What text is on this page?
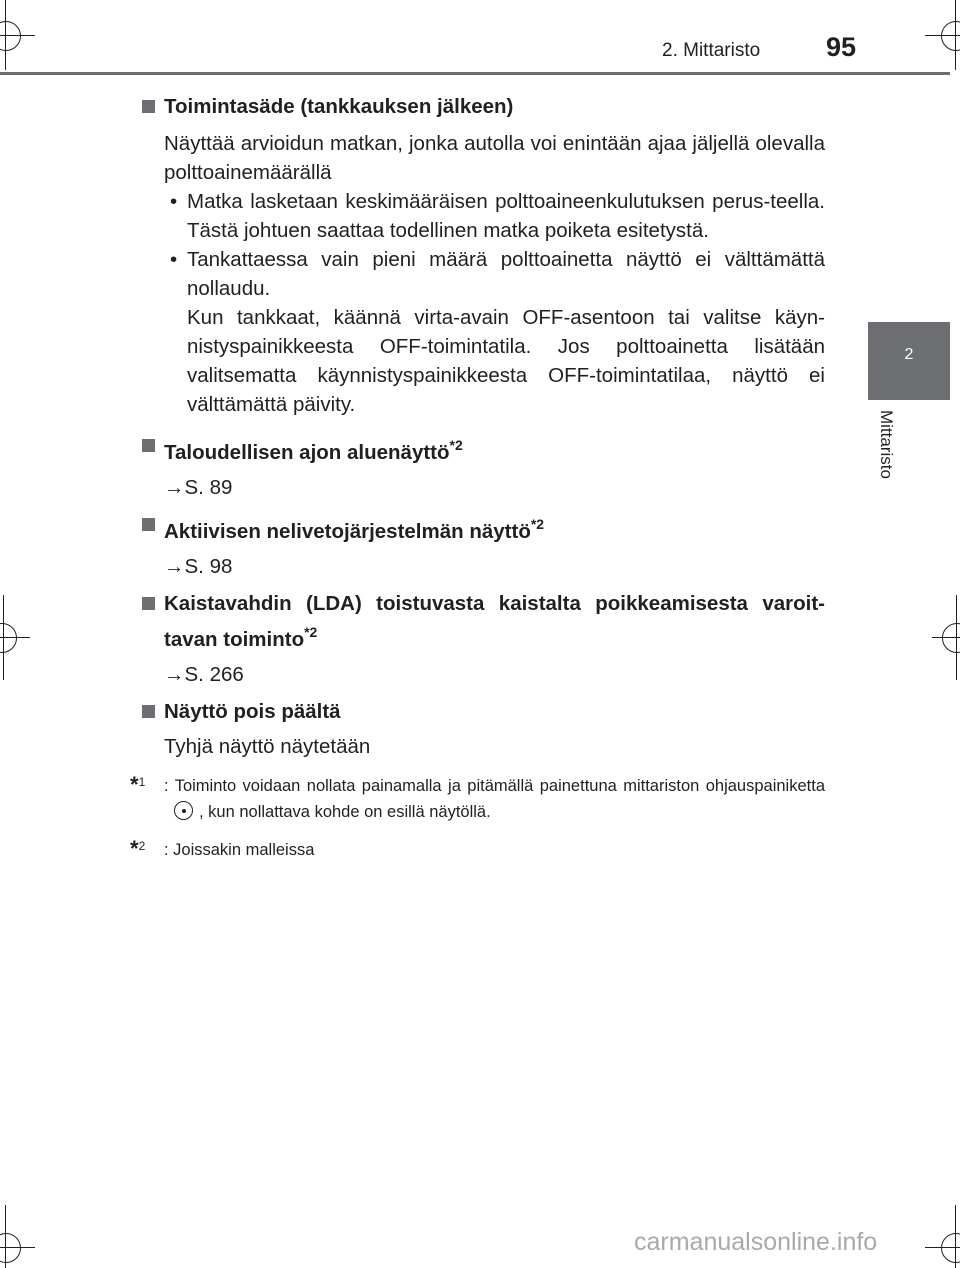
2. Mittaristo 95
2
Mittaristo
Toimintasäde (tankkauksen jälkeen)
Näyttää arvioidun matkan, jonka autolla voi enintään ajaa jäljellä olevalla polttoainemäärällä
• Matka lasketaan keskimääräisen polttoaineenkulutuksen perus-teella. Tästä johtuen saattaa todellinen matka poiketa esitetystä.
• Tankattaessa vain pieni määrä polttoainetta näyttö ei välttämättä nollaudu.
Kun tankkaat, käännä virta-avain OFF-asentoon tai valitse käyn-nistyspainikkeesta OFF-toimintatila. Jos polttoainetta lisätään valitsematta käynnistyspainikkeesta OFF-toimintatilaa, näyttö ei välttämättä päivity.
Taloudellisen ajon aluenäyttö$^{*2}$
→S. 89
Aktiivisen nelivetojärjestelmän näyttö$^{*2}$
→S. 98
Kaistavahdin (LDA) toistuvasta kaistalta poikkeamisesta varoit-tavan toiminto$^{*2}$
→S. 266
Näyttö pois päältä
Tyhjä näyttö näytetään
*$^1$ : Toiminto voidaan nollata painamalla ja pitämällä painettuna mittariston ohjauspainiketta, kun nollattava kohde on esillä näytöllä.
*$^2$ : Joissakin malleissa
carmanualsonline.info
